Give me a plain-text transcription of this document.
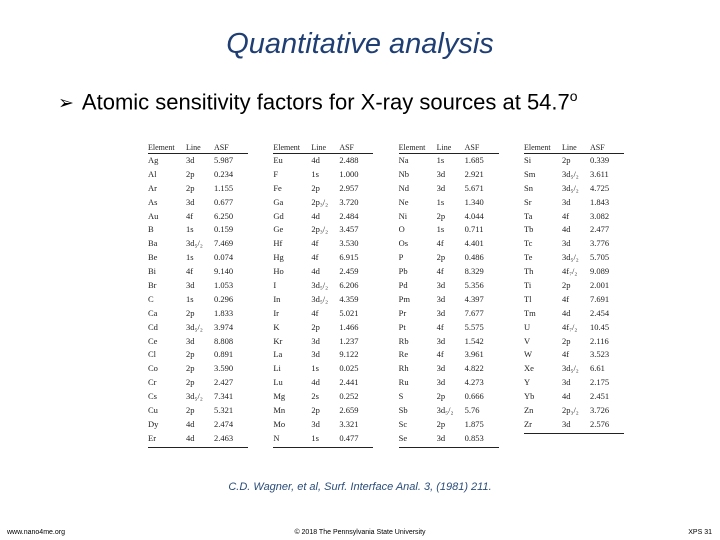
Quantitative analysis
➢ Atomic sensitivity factors for X-ray sources at 54.7$^o$
Element	Line	ASF
Ag	3d	5.987
Al	2p	0.234
Ar	2p	1.155
As	3d	0.677
Au	4f	6.250
B	1s	0.159
Ba	3d₅/₂	7.469
Be	1s	0.074
Bi	4f	9.140
Br	3d	1.053
C	1s	0.296
Ca	2p	1.833
Cd	3d₅/₂	3.974
Ce	3d	8.808
Cl	2p	0.891
Co	2p	3.590
Cr	2p	2.427
Cs	3d₅/₂	7.341
Cu	2p	5.321
Dy	4d	2.474
Er	4d	2.463
Element	Line	ASF
Eu	4d	2.488
F	1s	1.000
Fe	2p	2.957
Ga	2p₃/₂	3.720
Gd	4d	2.484
Ge	2p₃/₂	3.457
Hf	4f	3.530
Hg	4f	6.915
Ho	4d	2.459
I	3d₅/₂	6.206
In	3d₅/₂	4.359
Ir	4f	5.021
K	2p	1.466
Kr	3d	1.237
La	3d	9.122
Li	1s	0.025
Lu	4d	2.441
Mg	2s	0.252
Mn	2p	2.659
Mo	3d	3.321
N	1s	0.477
Element	Line	ASF
Na	1s	1.685
Nb	3d	2.921
Nd	3d	5.671
Ne	1s	1.340
Ni	2p	4.044
O	1s	0.711
Os	4f	4.401
P	2p	0.486
Pb	4f	8.329
Pd	3d	5.356
Pm	3d	4.397
Pr	3d	7.677
Pt	4f	5.575
Rb	3d	1.542
Re	4f	3.961
Rh	3d	4.822
Ru	3d	4.273
S	2p	0.666
Sb	3d₅/₂	5.76
Sc	2p	1.875
Se	3d	0.853
Element	Line	ASF
Si	2p	0.339
Sm	3d₅/₂	3.611
Sn	3d₅/₂	4.725
Sr	3d	1.843
Ta	4f	3.082
Tb	4d	2.477
Tc	3d	3.776
Te	3d₅/₂	5.705
Th	4f₇/₂	9.089
Ti	2p	2.001
Tl	4f	7.691
Tm	4d	2.454
U	4f₇/₂	10.45
V	2p	2.116
W	4f	3.523
Xe	3d₅/₂	6.61
Y	3d	2.175
Yb	4d	2.451
Zn	2p₃/₂	3.726
Zr	3d	2.576
C.D. Wagner, et al, Surf. Interface Anal. 3, (1981) 211.
www.nano4me.org	© 2018 The Pennsylvania State University	XPS 31
